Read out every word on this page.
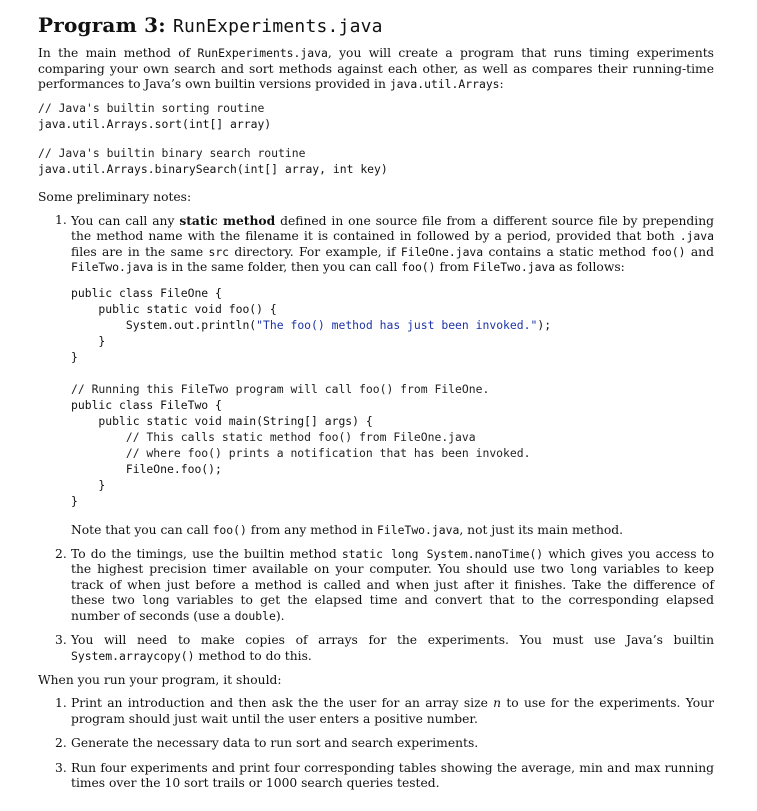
Program 3: RunExperiments.java

In the main method of RunExperiments.java, you will create a program that runs timing experiments comparing your own search and sort methods against each other, as well as compares their running-time performances to Java’s own builtin versions provided in java.util.Arrays:

// Java's builtin sorting routine
java.util.Arrays.sort(int[] array)
// Java's builtin binary search routine
java.util.Arrays.binarySearch(int[] array, int key)

Some preliminary notes:

1. You can call any static method defined in one source file from a different source file by prepending the method name with the filename it is contained in followed by a period, provided that both .java files are in the same src directory. For example, if FileOne.java contains a static method foo() and FileTwo.java is in the same folder, then you can call foo() from FileTwo.java as follows:

public class FileOne {
public static void foo() {
System.out.println("The foo() method has just been invoked.");
}
}
// Running this FileTwo program will call foo() from FileOne.
public class FileTwo {
public static void main(String[] args) {
// This calls static method foo() from FileOne.java
// where foo() prints a notification that has been invoked.
FileOne.foo();
}
}

Note that you can call foo() from any method in FileTwo.java, not just its main method.

2. To do the timings, use the builtin method static long System.nanoTime() which gives you access to the highest precision timer available on your computer. You should use two long variables to keep track of when just before a method is called and when just after it finishes. Take the difference of these two long variables to get the elapsed time and convert that to the corresponding elapsed number of seconds (use a double).

3. You will need to make copies of arrays for the experiments. You must use Java’s builtin System.arraycopy() method to do this.

When you run your program, it should:

1. Print an introduction and then ask the the user for an array size n to use for the experiments. Your program should just wait until the user enters a positive number.

2. Generate the necessary data to run sort and search experiments.

3. Run four experiments and print four corresponding tables showing the average, min and max running times over the 10 sort trails or 1000 search queries tested.
